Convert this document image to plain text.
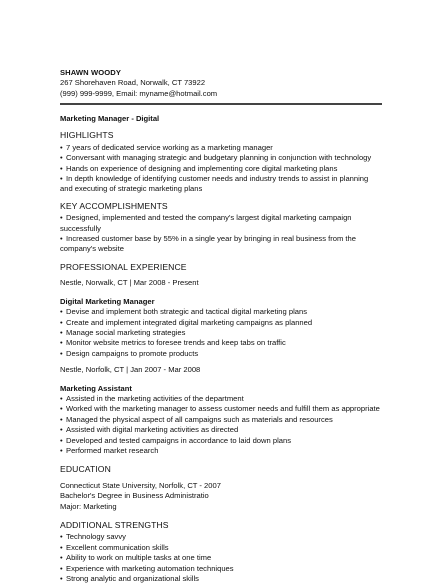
SHAWN WOODY
267 Shorehaven Road, Norwalk, CT 73922
(999) 999-9999, Email: myname@hotmail.com
Marketing Manager - Digital
HIGHLIGHTS
• 7 years of dedicated service working as a marketing manager
• Conversant with managing strategic and budgetary planning in conjunction with technology
• Hands on experience of designing and implementing core digital marketing plans
• In depth knowledge of identifying customer needs and industry trends to assist in planning and executing of strategic marketing plans
KEY ACCOMPLISHMENTS
• Designed, implemented and tested the company's largest digital marketing campaign successfully
• Increased customer base by 55% in a single year by bringing in real business from the company's website
PROFESSIONAL EXPERIENCE
Nestle, Norwalk, CT | Mar 2008 - Present
Digital Marketing Manager
• Devise and implement both strategic and tactical digital marketing plans
• Create and implement integrated digital marketing campaigns as planned
• Manage social marketing strategies
• Monitor website metrics to foresee trends and keep tabs on traffic
• Design campaigns to promote products
Nestle, Norfolk, CT | Jan 2007 - Mar 2008
Marketing Assistant
• Assisted in the marketing activities of the department
• Worked with the marketing manager to assess customer needs and fulfill them as appropriate
• Managed the physical aspect of all campaigns such as materials and resources
• Assisted with digital marketing activities as directed
• Developed and tested campaigns in accordance to laid down plans
• Performed market research
EDUCATION
Connecticut State University, Norfolk, CT - 2007
Bachelor's Degree in Business Administratio
Major: Marketing
ADDITIONAL STRENGTHS
• Technology savvy
• Excellent communication skills
• Ability to work on multiple tasks at one time
• Experience with marketing automation techniques
• Strong analytic and organizational skills
